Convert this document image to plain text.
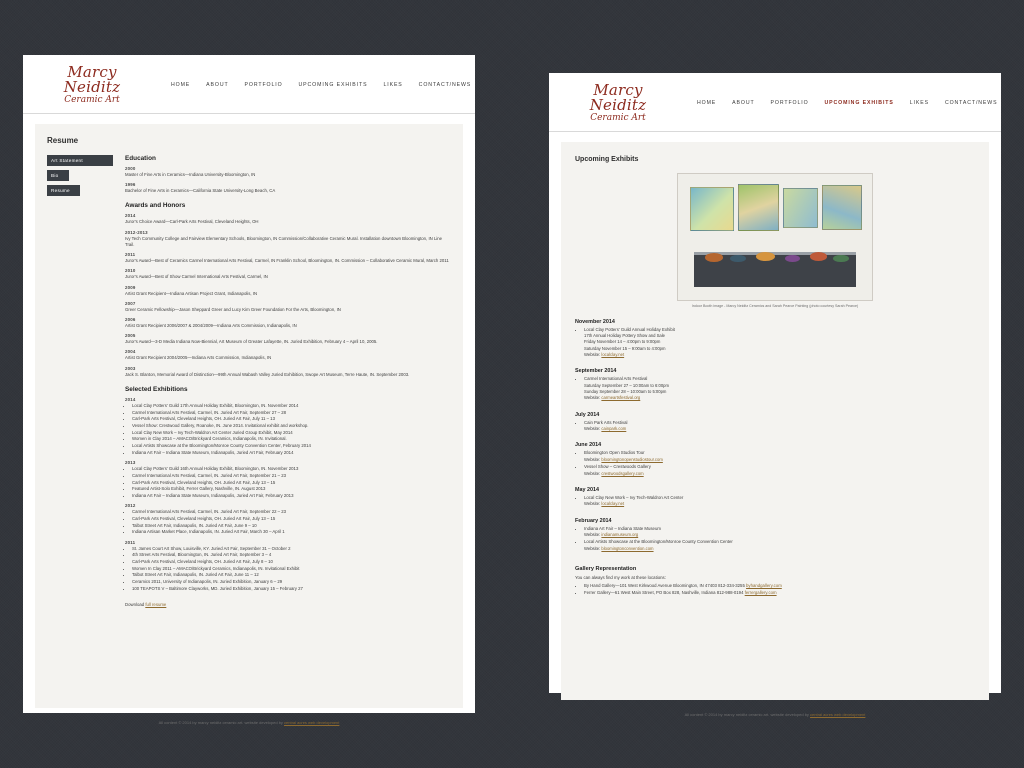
Marcy Neiditz
Ceramic Art
HOME	ABOUT	PORTFOLIO	UPCOMING EXHIBITS	LIKES	CONTACT/NEWS
Resume
Art Statement
Bio
Resume
Education
2000
Master of Fine Arts in Ceramics—Indiana University-Bloomington, IN
1996
Bachelor of Fine Arts in Ceramics—California State University-Long Beach, CA
Awards and Honors
2014
Juror's Choice Award—Carl-Park Arts Festival, Cleveland Heights, OH
2012-2013
Ivy Tech Community College and Fairview Elementary Schools, Bloomington, IN Commission/Collaborative Ceramic Mural. Installation downtown Bloomington, IN Line Trail.
2011
Juror's Award—Best of Ceramics Carmel International Arts Festival, Carmel, IN Franklin School, Bloomington, IN. Commission – Collaborative Ceramic Mural, March 2011
2010
Juror's Award—Best of Show Carmel International Arts Festival, Carmel, IN
2009
Artist Grant Recipient—Indiana Artisan Project Grant, Indianapolis, IN
2007
Greer Ceramic Fellowship—Jason Sheppard Greer and Lucy Kim Greer Foundation For the Arts, Bloomington, IN
2006
Artist Grant Recipient 2006/2007 & 2004/2009—Indiana Arts Commission, Indianapolis, IN
2005
Juror's Award—3-D Media Indiana Now-Biennial, Art Museum of Greater Lafayette, IN. Juried Exhibition, February 4 – April 10, 2005.
2004
Artist Grant Recipient 2004/2005—Indiana Arts Commission, Indianapolis, IN
2003
Jack S. Blanton, Memorial Award of Distinction—99th Annual Wabash Valley Juried Exhibition, Swope Art Museum, Terre Haute, IN. September 2003.
Selected Exhibitions
2014
• Local Clay Potters' Guild 17th Annual Holiday Exhibit, Bloomington, IN. November 2014
• Carmel International Arts Festival, Carmel, IN. Juried Art Fair, September 27 – 28
• Carl-Park Arts Festival, Cleveland Heights, OH. Juried Art Fair, July 11 – 13
• Vessel Show: Crestwood Gallery, Roanoke, IN. June 2014. Invitational exhibit and workshop.
• Local Clay New Work – Ivy Tech-Waldron Art Center Juried Group Exhibit, May 2014
• Women in Clay 2014 – AMACO/Brickyard Ceramics, Indianapolis, IN. Invitational.
• Local Artists Showcase at the Bloomington/Monroe County Convention Center, February 2014
• Indiana Art Fair – Indiana State Museum, Indianapolis, Juried Art Fair, February 2014
2013
• Local Clay Potters' Guild 16th Annual Holiday Exhibit, Bloomington, IN. November 2013
• Carmel International Arts Festival, Carmel, IN. Juried Art Fair, September 21 – 23
• Carl-Park Arts Festival, Cleveland Heights, OH. Juried Art Fair, July 13 – 15
• Featured Artist-Solo Exhibit, Ferrer Gallery, Nashville, IN. August 2013
• Indiana Art Fair – Indiana State Museum, Indianapolis, Juried Art Fair, February 2013
2012
• Carmel International Arts Festival, Carmel, IN. Juried Art Fair, September 22 – 23
• Carl-Park Arts Festival, Cleveland Heights, OH. Juried Art Fair, July 13 – 15
• Talbot Street Art Fair, Indianapolis, IN. Juried Art Fair, June 9 – 10
• Indiana Artisan Market Place, Indianapolis, IN. Juried Art Fair, March 30 – April 1
2011
• St. James Court Art Show, Louisville, KY. Juried Art Fair, September 31 – October 2
• 4th Street Arts Festival, Bloomington, IN. Juried Art Fair, September 3 – 4
• Carl-Park Arts Festival, Cleveland Heights, OH. Juried Art Fair, July 8 – 10
• Women In Clay 2011 – AMACO/Brickyard Ceramics, Indianapolis, IN. Invitational Exhibit
• Talbot Street Art Fair, Indianapolis, IN. Juried Art Fair, June 11 – 12
• Ceramics 2011, University of Indianapolis, IN. Juried Exhibition, January 6 – 29
• 100 TEAPOTS V – Baltimore Clayworks, MD. Juried Exhibition, January 15 – February 27
Download full resume
All content © 2014 by marcy neiditz ceramic art. website developed by central acres web development
Marcy Neiditz
Ceramic Art
HOME	ABOUT	PORTFOLIO	UPCOMING EXHIBITS	LIKES	CONTACT/NEWS
Upcoming Exhibits
Indoor Booth image - Marcy Neiditz Ceramics and Sarah Pearce Painting (photo courtesy Sarah Pearce)
November 2014
• Local Clay Potters' Guild Annual Holiday Exhibit
17th Annual Holiday Pottery Show and Sale
Friday November 14 – 4:00pm to 9:00pm
Saturday November 15 – 9:00am to 4:00pm
Website: localclay.net
September 2014
• Carmel International Arts Festival
Saturday September 27 – 10:00am to 6:00pm
Sunday September 28 – 10:00am to 5:00pm
Website: carmeartsfestival.org
July 2014
• Cain Park Arts Festival
Website: cainpark.com
June 2014
• Bloomington Open Studios Tour
Website: bloomingtonopenstudiostour.com
• Vessel Show – Crestwoods Gallery
Website: crestwoodsgallery.com
May 2014
• Local Clay New Work – Ivy Tech-Waldron Art Center
Website: localclay.net
February 2014
• Indiana Art Fair – Indiana State Museum
Website: indianamuseum.org
• Local Artists Showcase at the Bloomington/Monroe County Convention Center
Website: bloomingtonconvention.com
Gallery Representation
You can always find my work at these locations:
• By Hand Gallery—101 West Kirkwood Avenue Bloomington, IN 47403 812-334-3255 byhandgallery.com
• Ferrer Gallery—61 West Main Street, PO Box 828, Nashville, Indiana 812-988-0194 ferrergallery.com
All content © 2014 by marcy neiditz ceramic art. website developed by central acres web development
